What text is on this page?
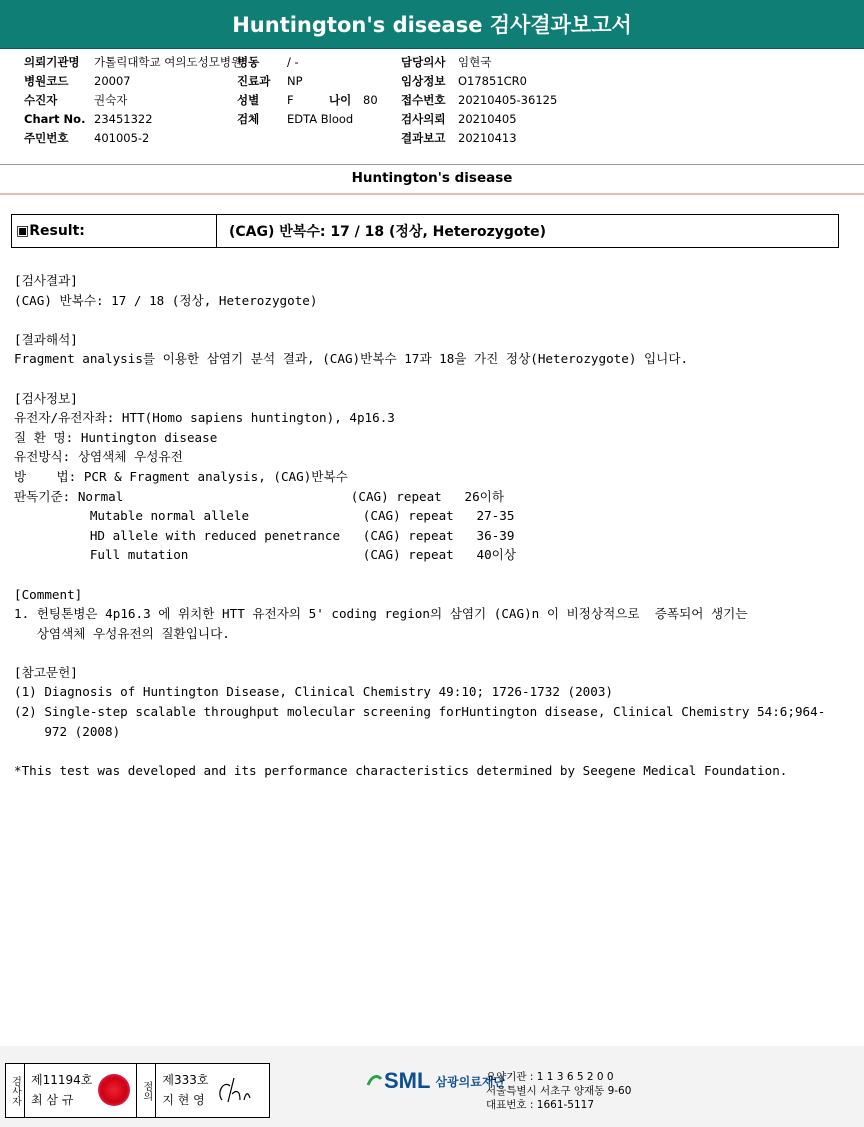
Huntington's disease 검사결과보고서
의뢰기관명	가톨릭대학교 여의도성모병원
병원코드	20007
수진자	권숙자
Chart No. 23451322
주민번호	401005-2
병동	/ -
진료과	NP
성별	F	나이	80
검체	EDTA Blood
담당의사	임현국
임상정보	O17851CR0
접수번호	20210405-36125
검사의뢰	20210405
결과보고	20210413
Huntington's disease
▣Result:	(CAG) 반복수: 17 / 18 (정상, Heterozygote)
[검사결과]
(CAG) 반복수: 17 / 18 (정상, Heterozygote)
[결과해석]
Fragment analysis를 이용한 삼염기 분석 결과, (CAG)반복수 17과 18을 가진 정상(Heterozygote) 입니다.
[검사정보]
유전자/유전자좌: HTT(Homo sapiens huntington), 4p16.3
질 환 명: Huntington disease
유전방식: 상염색체 우성유전
방    법: PCR & Fragment analysis, (CAG)반복수
판독기준: Normal                              (CAG) repeat   26이하
Mutable normal allele               (CAG) repeat   27-35
HD allele with reduced penetrance   (CAG) repeat   36-39
Full mutation                       (CAG) repeat   40이상
[Comment]
1. 헌팅톤병은 4p16.3 에 위치한 HTT 유전자의 5' coding region의 삼염기 (CAG)n 이 비정상적으로  증폭되어 생기는
상염색체 우성유전의 질환입니다.
[참고문헌]
(1) Diagnosis of Huntington Disease, Clinical Chemistry 49:10; 1726-1732 (2003)
(2) Single-step scalable throughput molecular screening forHuntington disease, Clinical Chemistry 54:6;964-
972 (2008)
*This test was developed and its performance characteristics determined by Seegene Medical Foundation.
검사자 제11194호
최 삼 규	점의
제333호
지 현 영
SML 삼광의료재단
요양기관 : 1 1 3 6 5 2 0 0
서울특별시 서초구 양재동 9-60
대표번호 : 1661-5117
